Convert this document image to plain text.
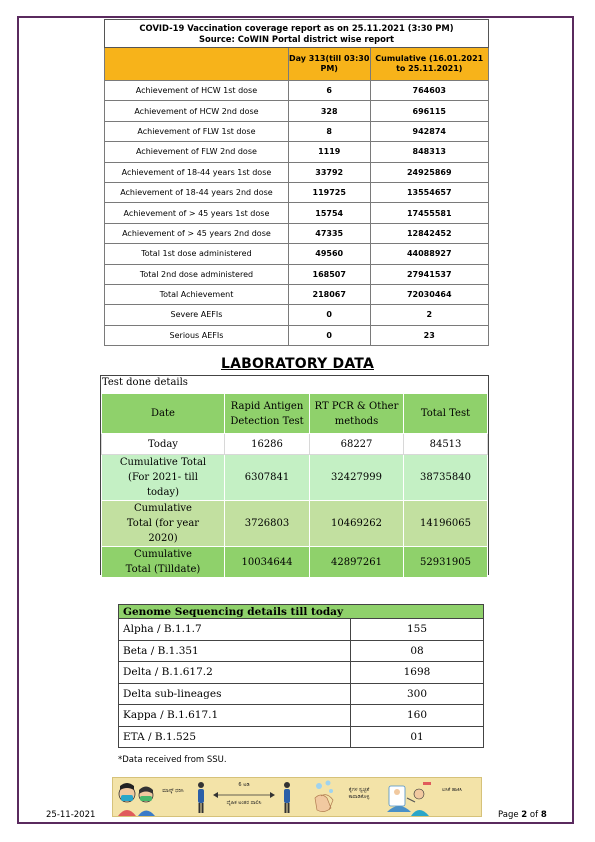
COVID-19 Vaccination coverage report as on 25.11.2021 (3:30 PM)
Source: CoWIN Portal district wise report		

	Day 313(till 03:30 PM)	Cumulative (16.01.2021 to 25.11.2021)
Achievement of HCW 1st dose	6	764603
Achievement of HCW 2nd dose	328	696115
Achievement of FLW 1st dose	8	942874
Achievement of FLW 2nd dose	1119	848313
Achievement of 18-44 years 1st dose	33792	24925869
Achievement of 18-44 years 2nd dose	119725	13554657
Achievement of > 45 years 1st dose	15754	17455581
Achievement of > 45 years 2nd dose	47335	12842452
Total 1st dose administered	49560	44088927
Total 2nd dose administered	168507	27941537
Total Achievement	218067	72030464
Severe AEFIs	0	2
Serious AEFIs	0	23
LABORATORY DATA
Test done details
Date	Rapid Antigen Detection Test	RT PCR & Other methods	Total Test
Today	16286	68227	84513
Cumulative Total (For 2021- till today)	6307841	32427999	38735840
Cumulative Total (for year 2020)	3726803	10469262	14196065
Cumulative Total (Tilldate)	10034644	42897261	52931905
Genome Sequencing details till today	
Alpha / B.1.1.7	155
Beta / B.1.351	08
Delta / B.1.617.2	1698
Delta sub-lineages	300
Kappa / B.1.617.1	160
ETA / B.1.525	01
*Data received from SSU.
ಮಾಸ್ಕ್ ಧರಿಸಿ
6 ಅಡಿ
ದೈಹಿಕ ಅಂತರ ಪಾಲಿಸಿ
ಕೈಗಳ ಸ್ವಚ್ಛತೆ ಕಾಪಾಡಿಕೊಳ್ಳಿ
ಲಸಿಕೆ ಹಾಕಿಸಿ
25-11-2021	Page 2 of 8
